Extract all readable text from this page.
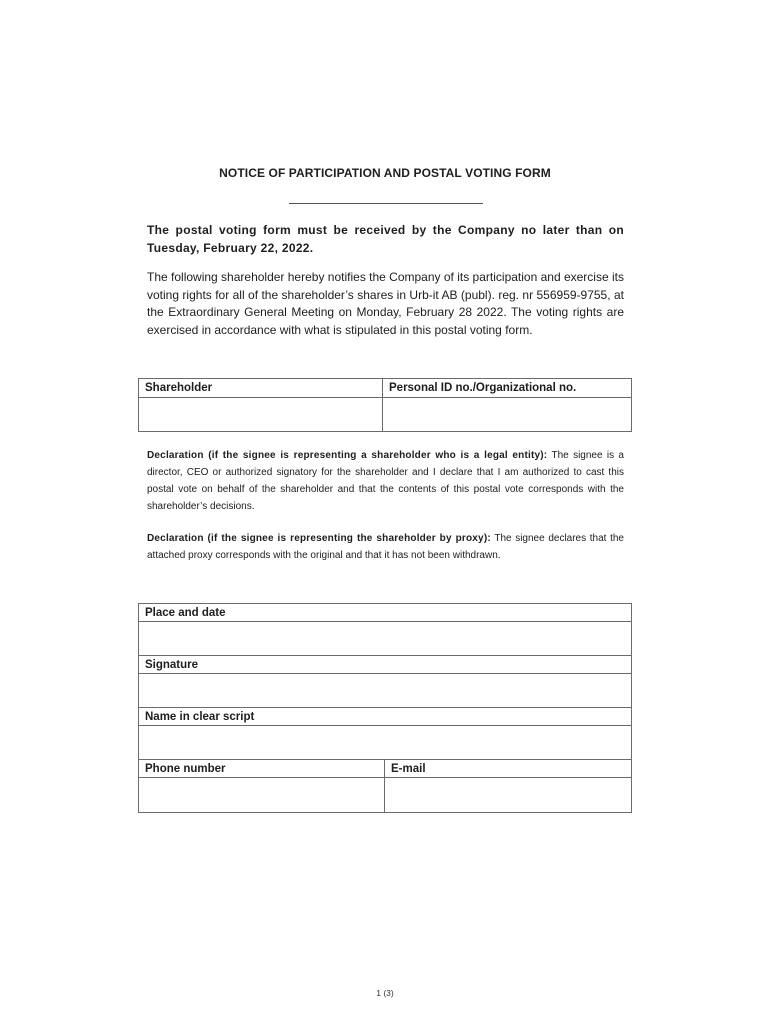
NOTICE OF PARTICIPATION AND POSTAL VOTING FORM
The postal voting form must be received by the Company no later than on Tuesday, February 22, 2022.
The following shareholder hereby notifies the Company of its participation and exercise its voting rights for all of the shareholder’s shares in Urb-it AB (publ). reg. nr 556959-9755, at the Extraordinary General Meeting on Monday, February 28 2022. The voting rights are exercised in accordance with what is stipulated in this postal voting form.
Shareholder	Personal ID no./Organizational no.

Declaration (if the signee is representing a shareholder who is a legal entity): The signee is a director, CEO or authorized signatory for the shareholder and I declare that I am authorized to cast this postal vote on behalf of the shareholder and that the contents of this postal vote corresponds with the shareholder’s decisions.
Declaration (if the signee is representing the shareholder by proxy): The signee declares that the attached proxy corresponds with the original and that it has not been withdrawn.
Place and date	

Signature	

Name in clear script	

Phone number	E-mail

1 (3)
